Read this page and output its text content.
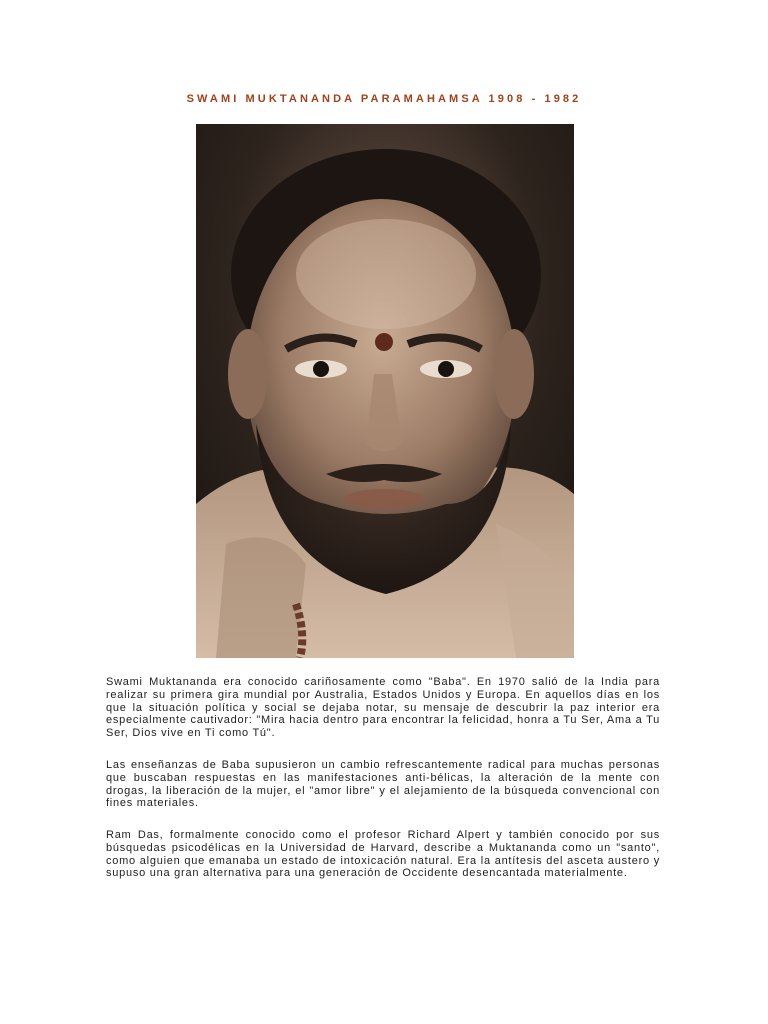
SWAMI MUKTANANDA PARAMAHAMSA 1908 - 1982

Swami Muktananda era conocido cariñosamente como "Baba". En 1970 salió de la India para realizar su primera gira mundial por Australia, Estados Unidos y Europa. En aquellos días en los que la situación política y social se dejaba notar, su mensaje de descubrir la paz interior era especialmente cautivador: "Mira hacia dentro para encontrar la felicidad, honra a Tu Ser, Ama a Tu Ser, Dios vive en Ti como Tú".

Las enseñanzas de Baba supusieron un cambio refrescantemente radical para muchas personas que buscaban respuestas en las manifestaciones anti-bélicas, la alteración de la mente con drogas, la liberación de la mujer, el "amor libre" y el alejamiento de la búsqueda convencional con fines materiales.

Ram Das, formalmente conocido como el profesor Richard Alpert y también conocido por sus búsquedas psicodélicas en la Universidad de Harvard, describe a Muktananda como un "santo", como alguien que emanaba un estado de intoxicación natural. Era la antítesis del asceta austero y supuso una gran alternativa para una generación de Occidente desencantada materialmente.
